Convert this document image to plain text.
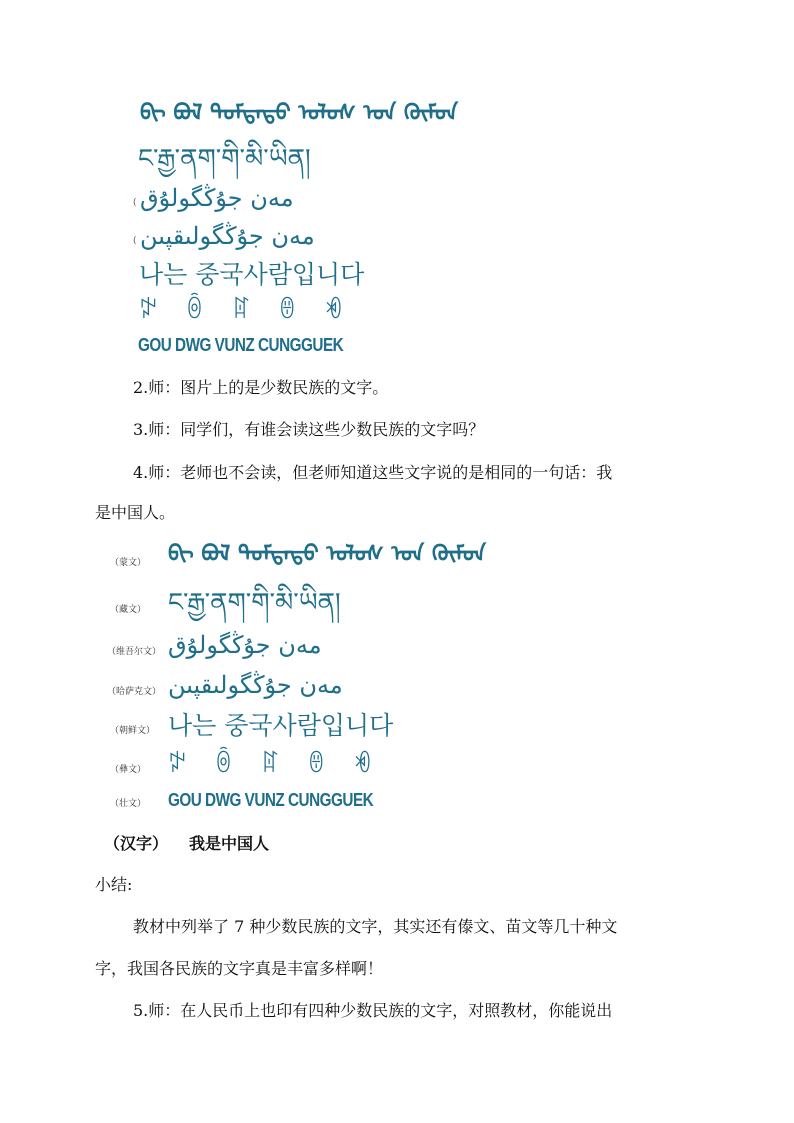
ᠪᠢ ᠪᠣᠯ ᠳᠤᠮᠳᠠᠳᠤ ᠤᠯᠤᠰ ᠤᠨ ᠬᠦᠮᠦᠨ
ང་རྒྱ་ནག་གི་མི་ཡིན།
( مەن جۇڭگولۇق
( مەن جۇڭگولىقپىن
나는 중국사람입니다
ꉢ ꉺ ꍏ ꇩ ꏓ
GOU DWG VUNZ CUNGGUEK
2.师：图片上的是少数民族的文字。
3.师：同学们，有谁会读这些少数民族的文字吗？
4.师：老师也不会读，但老师知道这些文字说的是相同的一句话：我
是中国人。
（蒙文） ᠪᠢ ᠪᠣᠯ ᠳᠤᠮᠳᠠᠳᠤ ᠤᠯᠤᠰ ᠤᠨ ᠬᠦᠮᠦᠨ
（藏文） ང་རྒྱ་ནག་གི་མི་ཡིན།
（维吾尔文） مەن جۇڭگولۇق
（哈萨克文） مەن جۇڭگولىقپىن
（朝鲜文） 나는 중국사람입니다
（彝文） ꉢ ꉺ ꍏ ꇩ ꏓ
（壮文） GOU DWG VUNZ CUNGGUEK
（汉字） 我是中国人
小结:
教材中列举了 7 种少数民族的文字，其实还有傣文、苗文等几十种文
字，我国各民族的文字真是丰富多样啊！
5.师：在人民币上也印有四种少数民族的文字，对照教材，你能说出
